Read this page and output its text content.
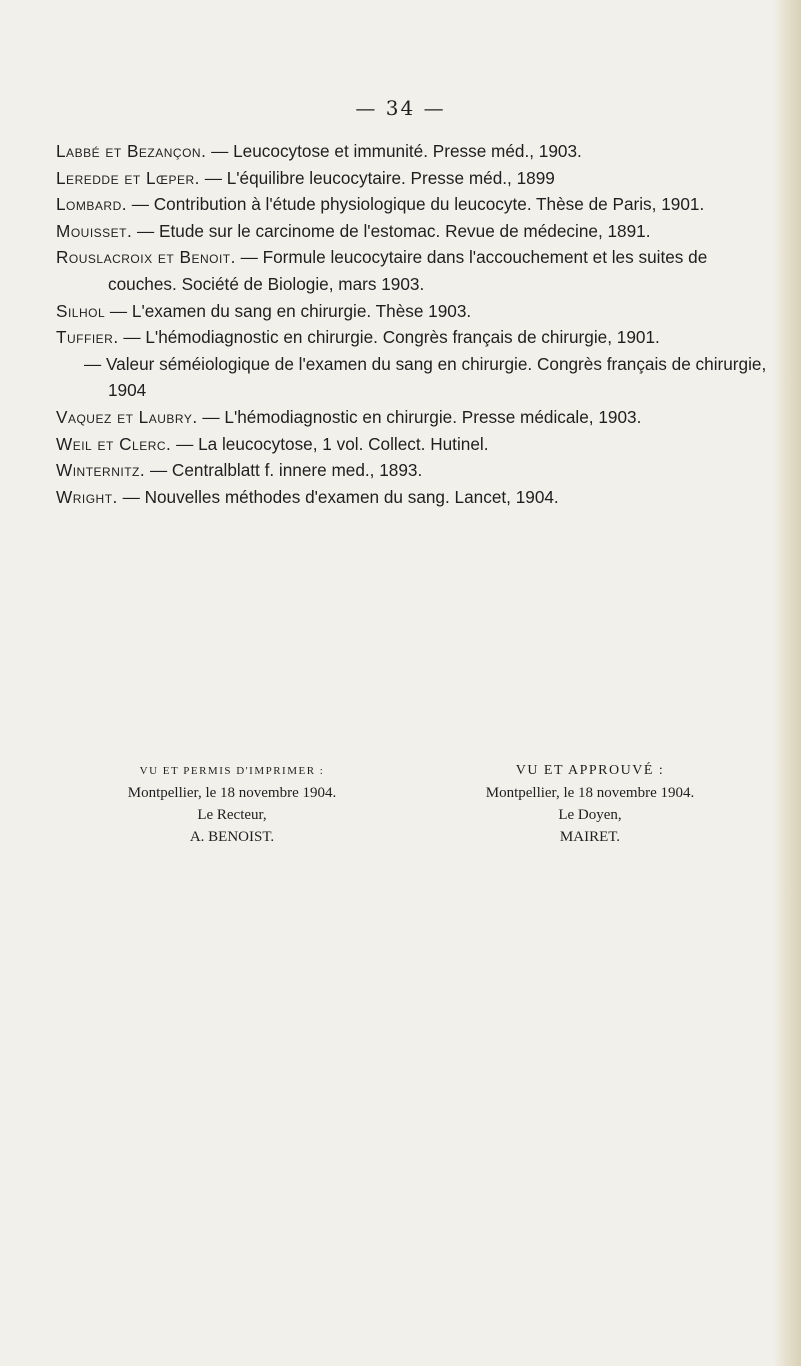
— 34 —

Labbé et Bezançon. — Leucocytose et immunité. Presse méd., 1903.

Leredde et Lœper. — L'équilibre leucocytaire. Presse méd., 1899

Lombard. — Contribution à l'étude physiologique du leucocyte. Thèse de Paris, 1901.

Mouisset. — Etude sur le carcinome de l'estomac. Revue de médecine, 1891.

Rouslacroix et Benoit. — Formule leucocytaire dans l'accouchement et les suites de couches. Société de Biologie, mars 1903.

Silhol — L'examen du sang en chirurgie. Thèse 1903.

Tuffier. — L'hémodiagnostic en chirurgie. Congrès français de chirurgie, 1901.

— Valeur séméiologique de l'examen du sang en chirurgie. Congrès français de chirurgie, 1904

Vaquez et Laubry. — L'hémodiagnostic en chirurgie. Presse médicale, 1903.

Weil et Clerc. — La leucocytose, 1 vol. Collect. Hutinel.

Winternitz. — Centralblatt f. innere med., 1893.

Wright. — Nouvelles méthodes d'examen du sang. Lancet, 1904.

VU ET PERMIS D'IMPRIMER :
Montpellier, le 18 novembre 1904.
Le Recteur,
A. BENOIST.
VU ET APPROUVÉ :
Montpellier, le 18 novembre 1904.
Le Doyen,
MAIRET.
